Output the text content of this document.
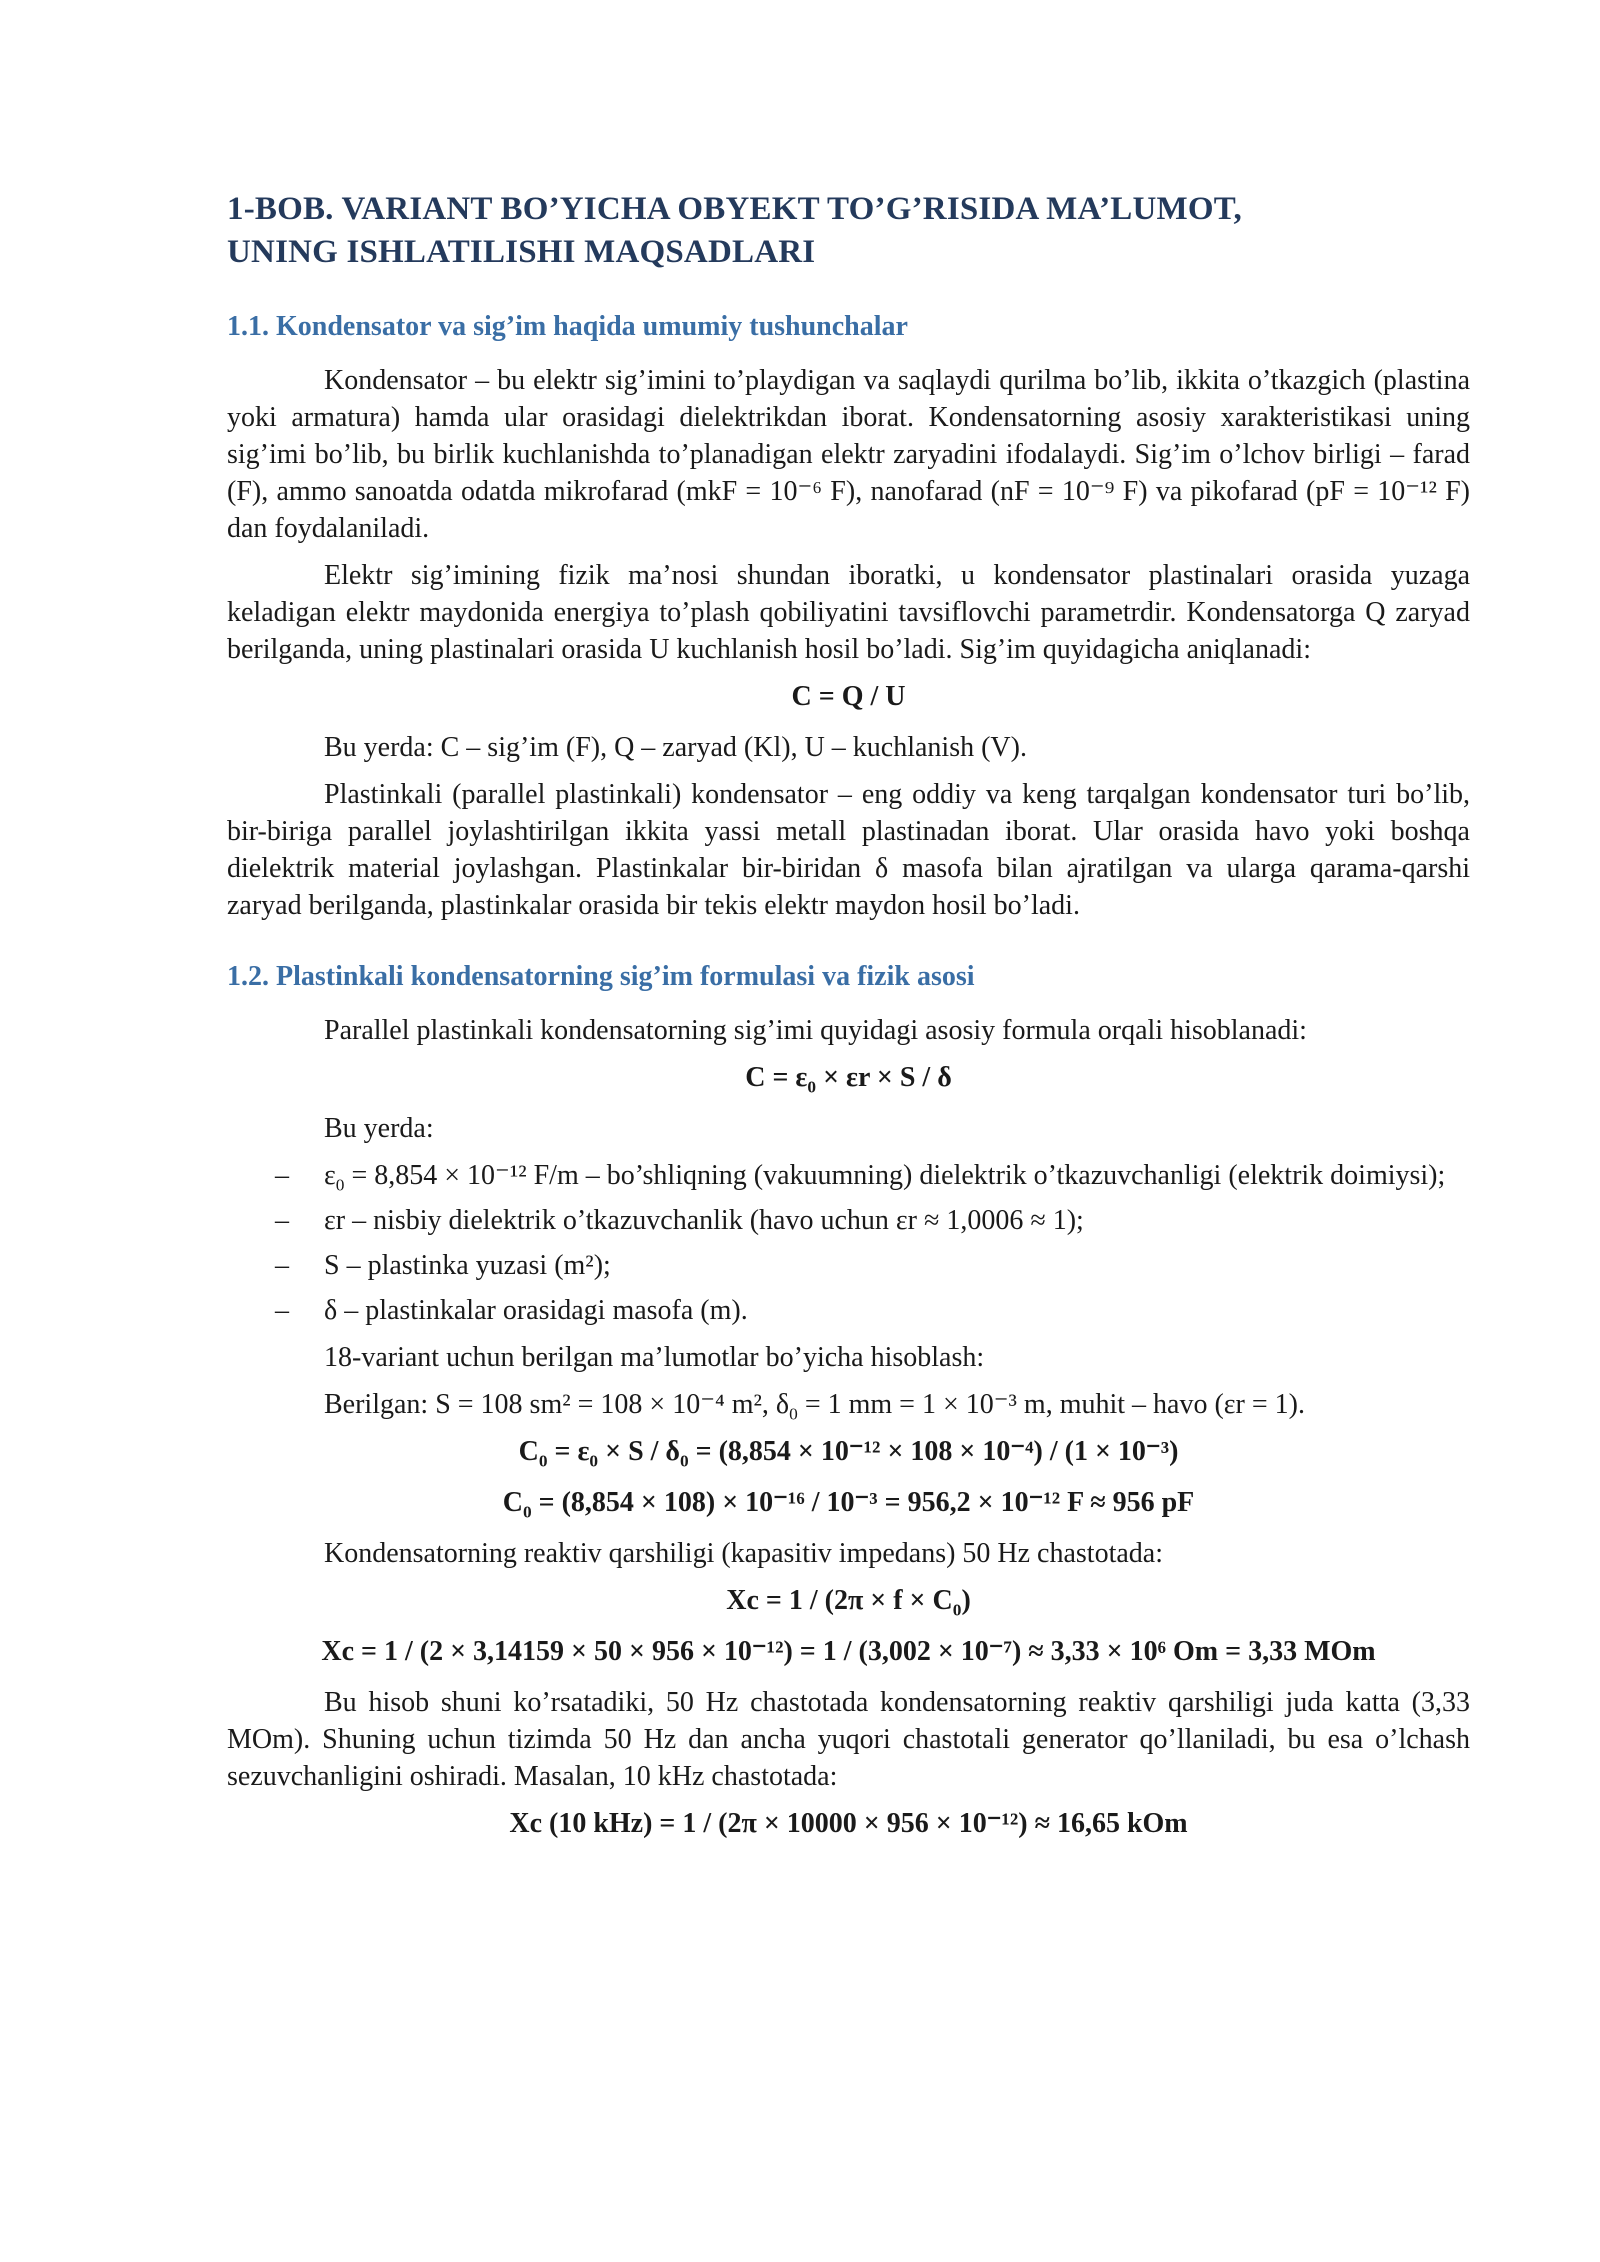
1-BOB. VARIANT BO’YICHA OBYEKT TO’G’RISIDA MA’LUMOT,
UNING ISHLATILISHI MAQSADLARI
1.1. Kondensator va sig’im haqida umumiy tushunchalar

Kondensator – bu elektr sig’imini to’playdigan va saqlaydi qurilma bo’lib, ikkita o’tkazgich (plastina yoki armatura) hamda ular orasidagi dielektrikdan iborat. Kondensatorning asosiy xarakteristikasi uning sig’imi bo’lib, bu birlik kuchlanishda to’planadigan elektr zaryadini ifodalaydi. Sig’im o’lchov birligi – farad (F), ammo sanoatda odatda mikrofarad (mkF = 10⁻⁶ F), nanofarad (nF = 10⁻⁹ F) va pikofarad (pF = 10⁻¹² F) dan foydalaniladi.

Elektr sig’imining fizik ma’nosi shundan iboratki, u kondensator plastinalari orasida yuzaga keladigan elektr maydonida energiya to’plash qobiliyatini tavsiflovchi parametrdir. Kondensatorga Q zaryad berilganda, uning plastinalari orasida U kuchlanish hosil bo’ladi. Sig’im quyidagicha aniqlanadi:

C = Q / U

Bu yerda: C – sig’im (F), Q – zaryad (Kl), U – kuchlanish (V).

Plastinkali (parallel plastinkali) kondensator – eng oddiy va keng tarqalgan kondensator turi bo’lib, bir-biriga parallel joylashtirilgan ikkita yassi metall plastinadan iborat. Ular orasida havo yoki boshqa dielektrik material joylashgan. Plastinkalar bir-biridan δ masofa bilan ajratilgan va ularga qarama-qarshi zaryad berilganda, plastinkalar orasida bir tekis elektr maydon hosil bo’ladi.

1.2. Plastinkali kondensatorning sig’im formulasi va fizik asosi

Parallel plastinkali kondensatorning sig’imi quyidagi asosiy formula orqali hisoblanadi:

$C = \varepsilon_0 \times \varepsilon r \times S / \delta$

Bu yerda:

– $\varepsilon_0 = 8,854 \times 10^{-12}$ F/m – bo’shliqning (vakuumning) dielektrik o’tkazuvchanligi (elektrik doimiysi);
– εr – nisbiy dielektrik o’tkazuvchanlik (havo uchun εr ≈ 1,0006 ≈ 1);
– S – plastinka yuzasi (m²);
– δ – plastinkalar orasidagi masofa (m).

18-variant uchun berilgan ma’lumotlar bo’yicha hisoblash:

Berilgan: S = 108 sm² = 108 × 10⁻⁴ m², $\delta_0 = 1$ mm = 1 × 10⁻³ m, muhit – havo (εr = 1).

$C_0 = \varepsilon_0 \times S / \delta_0 = (8,854 \times 10^{-12} \times 108 \times 10^{-4}) / (1 \times 10^{-3})$
$C_0 = (8,854 \times 108) \times 10^{-16} / 10^{-3} = 956,2 \times 10^{-12}$ F ≈ 956 pF

Kondensatorning reaktiv qarshiligi (kapasitiv impedans) 50 Hz chastotada:

$Xc = 1 / (2\pi \times f \times C_0)$
Xc = 1 / (2 × 3,14159 × 50 × 956 × 10⁻¹²) = 1 / (3,002 × 10⁻⁷) ≈ 3,33 × 10⁶ Om = 3,33 MOm

Bu hisob shuni ko’rsatadiki, 50 Hz chastotada kondensatorning reaktiv qarshiligi juda katta (3,33 MOm). Shuning uchun tizimda 50 Hz dan ancha yuqori chastotali generator qo’llaniladi, bu esa o’lchash sezuvchanligini oshiradi. Masalan, 10 kHz chastotada:

Xc (10 kHz) = 1 / (2π × 10000 × 956 × 10⁻¹²) ≈ 16,65 kOm
